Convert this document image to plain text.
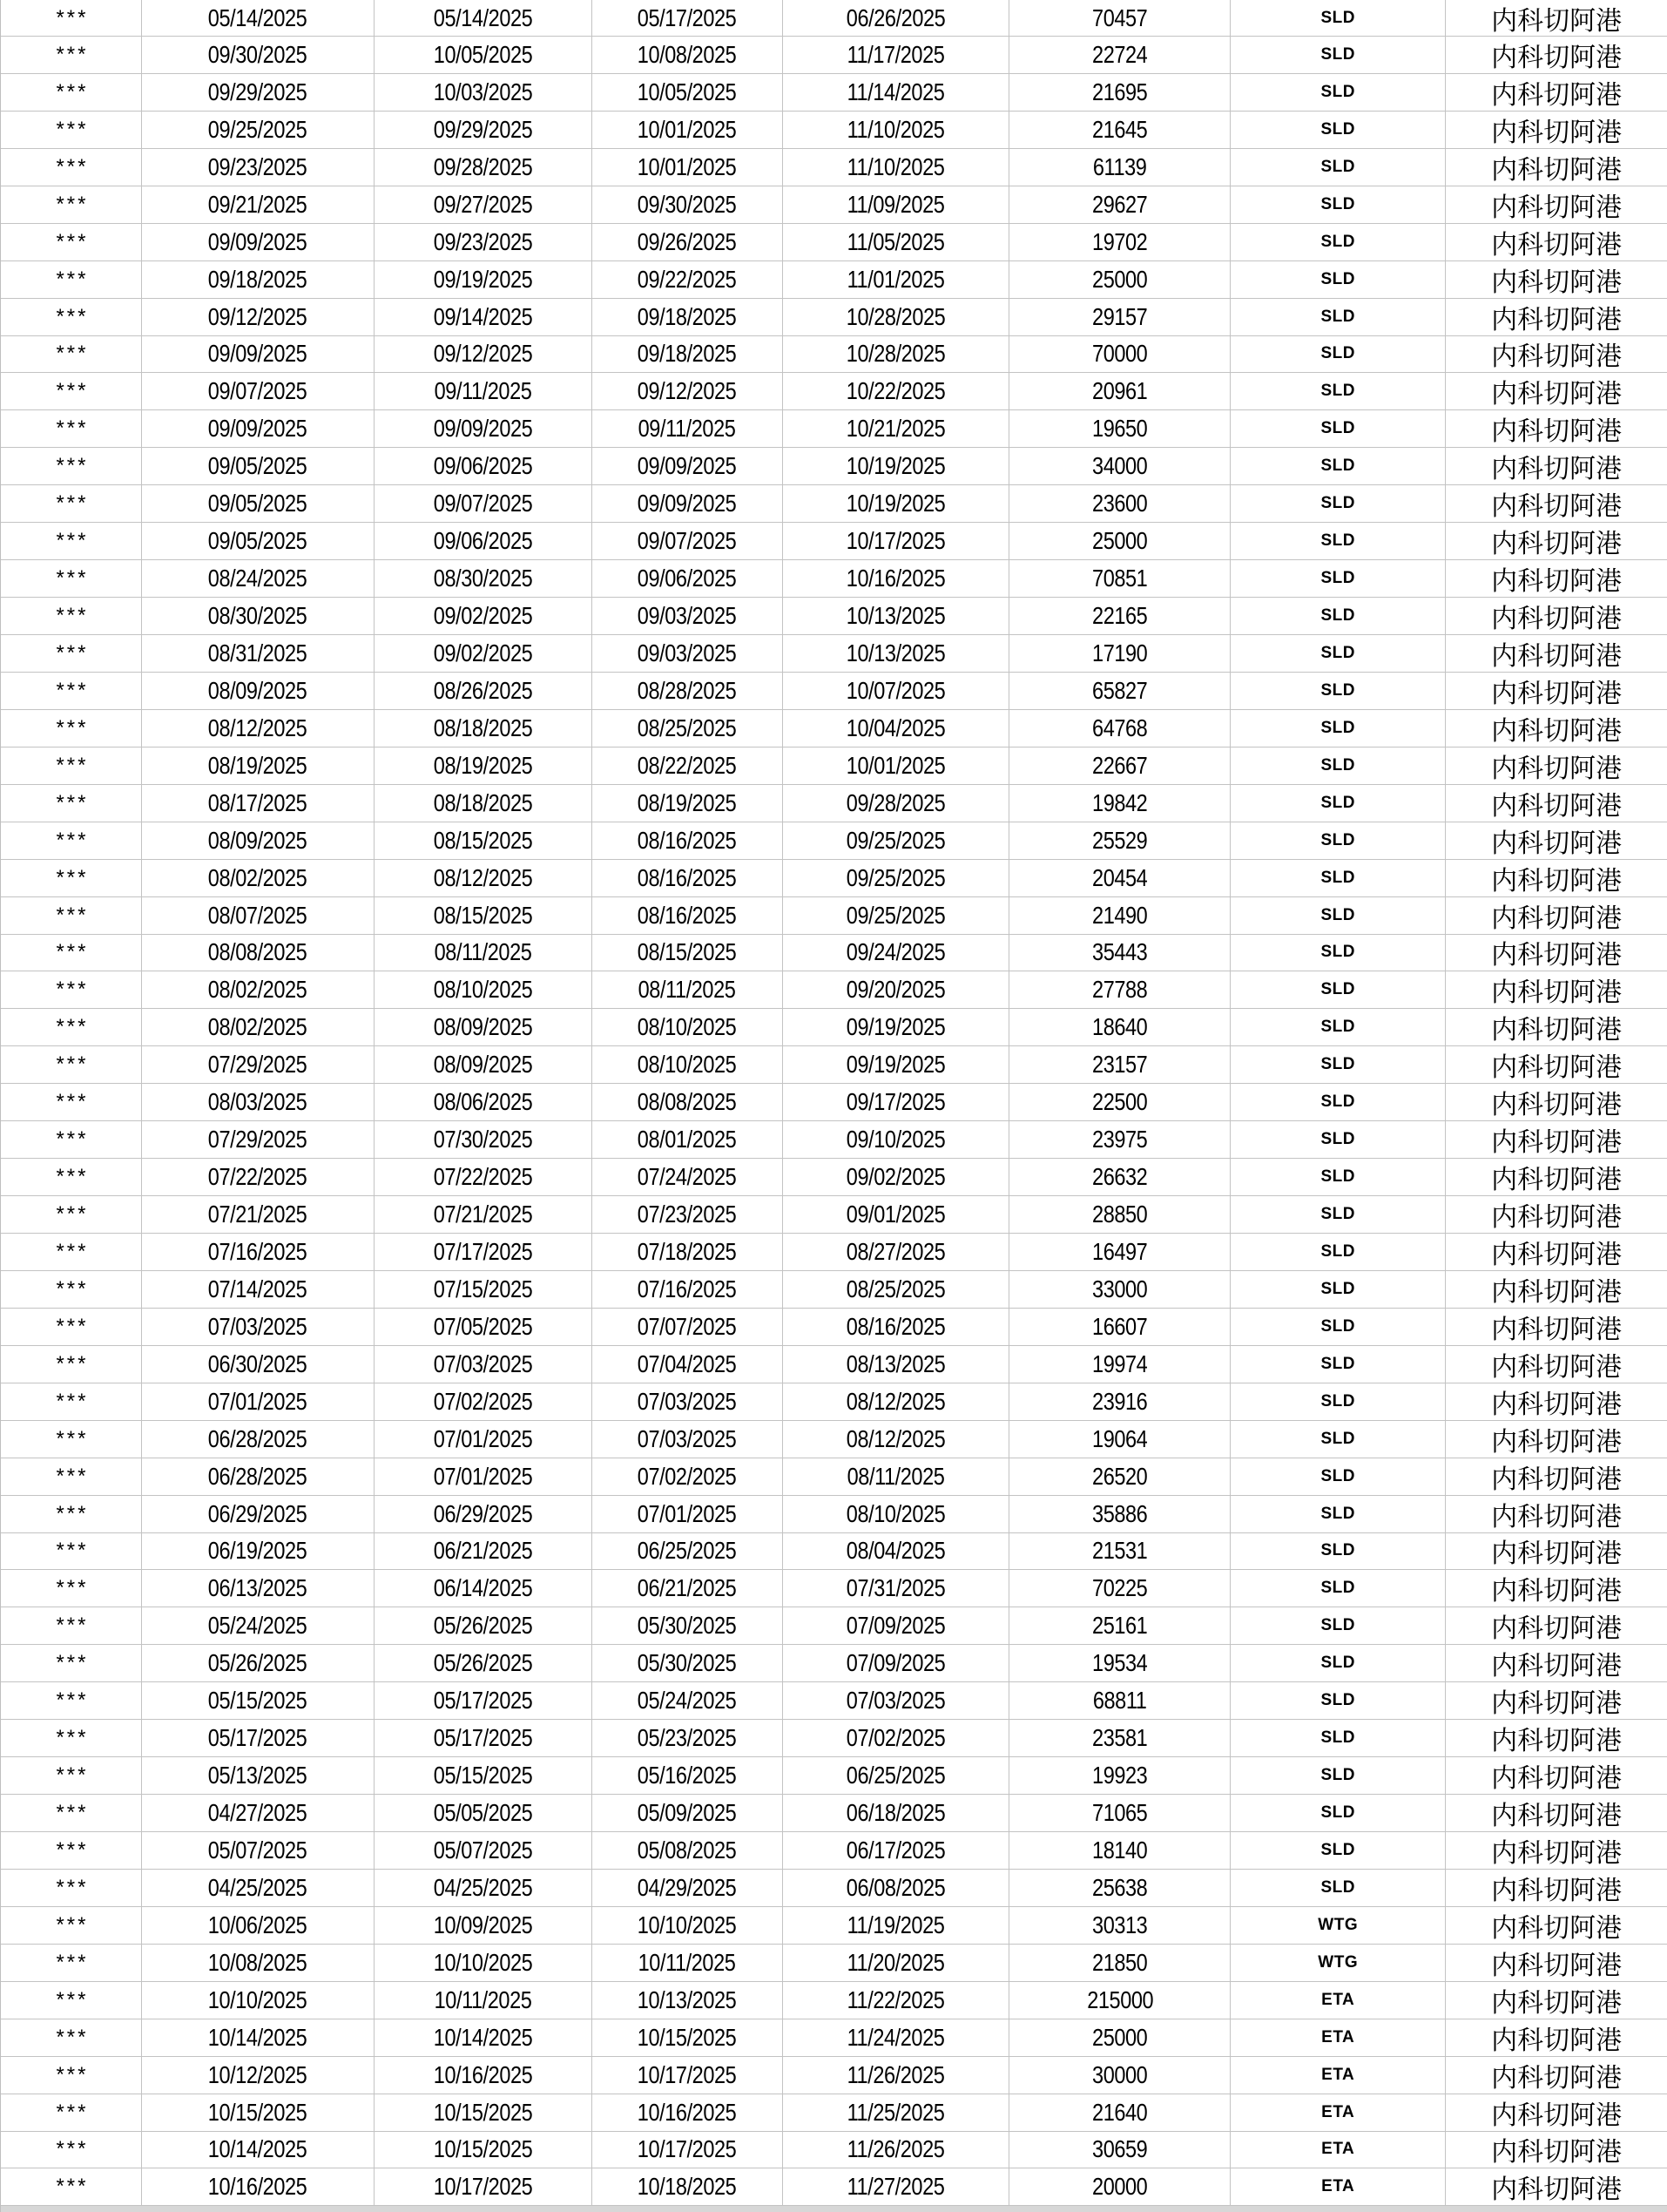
***	05/14/2025	05/14/2025	05/17/2025	06/26/2025	70457	SLD	内科切阿港
***	09/30/2025	10/05/2025	10/08/2025	11/17/2025	22724	SLD	内科切阿港
***	09/29/2025	10/03/2025	10/05/2025	11/14/2025	21695	SLD	内科切阿港
***	09/25/2025	09/29/2025	10/01/2025	11/10/2025	21645	SLD	内科切阿港
***	09/23/2025	09/28/2025	10/01/2025	11/10/2025	61139	SLD	内科切阿港
***	09/21/2025	09/27/2025	09/30/2025	11/09/2025	29627	SLD	内科切阿港
***	09/09/2025	09/23/2025	09/26/2025	11/05/2025	19702	SLD	内科切阿港
***	09/18/2025	09/19/2025	09/22/2025	11/01/2025	25000	SLD	内科切阿港
***	09/12/2025	09/14/2025	09/18/2025	10/28/2025	29157	SLD	内科切阿港
***	09/09/2025	09/12/2025	09/18/2025	10/28/2025	70000	SLD	内科切阿港
***	09/07/2025	09/11/2025	09/12/2025	10/22/2025	20961	SLD	内科切阿港
***	09/09/2025	09/09/2025	09/11/2025	10/21/2025	19650	SLD	内科切阿港
***	09/05/2025	09/06/2025	09/09/2025	10/19/2025	34000	SLD	内科切阿港
***	09/05/2025	09/07/2025	09/09/2025	10/19/2025	23600	SLD	内科切阿港
***	09/05/2025	09/06/2025	09/07/2025	10/17/2025	25000	SLD	内科切阿港
***	08/24/2025	08/30/2025	09/06/2025	10/16/2025	70851	SLD	内科切阿港
***	08/30/2025	09/02/2025	09/03/2025	10/13/2025	22165	SLD	内科切阿港
***	08/31/2025	09/02/2025	09/03/2025	10/13/2025	17190	SLD	内科切阿港
***	08/09/2025	08/26/2025	08/28/2025	10/07/2025	65827	SLD	内科切阿港
***	08/12/2025	08/18/2025	08/25/2025	10/04/2025	64768	SLD	内科切阿港
***	08/19/2025	08/19/2025	08/22/2025	10/01/2025	22667	SLD	内科切阿港
***	08/17/2025	08/18/2025	08/19/2025	09/28/2025	19842	SLD	内科切阿港
***	08/09/2025	08/15/2025	08/16/2025	09/25/2025	25529	SLD	内科切阿港
***	08/02/2025	08/12/2025	08/16/2025	09/25/2025	20454	SLD	内科切阿港
***	08/07/2025	08/15/2025	08/16/2025	09/25/2025	21490	SLD	内科切阿港
***	08/08/2025	08/11/2025	08/15/2025	09/24/2025	35443	SLD	内科切阿港
***	08/02/2025	08/10/2025	08/11/2025	09/20/2025	27788	SLD	内科切阿港
***	08/02/2025	08/09/2025	08/10/2025	09/19/2025	18640	SLD	内科切阿港
***	07/29/2025	08/09/2025	08/10/2025	09/19/2025	23157	SLD	内科切阿港
***	08/03/2025	08/06/2025	08/08/2025	09/17/2025	22500	SLD	内科切阿港
***	07/29/2025	07/30/2025	08/01/2025	09/10/2025	23975	SLD	内科切阿港
***	07/22/2025	07/22/2025	07/24/2025	09/02/2025	26632	SLD	内科切阿港
***	07/21/2025	07/21/2025	07/23/2025	09/01/2025	28850	SLD	内科切阿港
***	07/16/2025	07/17/2025	07/18/2025	08/27/2025	16497	SLD	内科切阿港
***	07/14/2025	07/15/2025	07/16/2025	08/25/2025	33000	SLD	内科切阿港
***	07/03/2025	07/05/2025	07/07/2025	08/16/2025	16607	SLD	内科切阿港
***	06/30/2025	07/03/2025	07/04/2025	08/13/2025	19974	SLD	内科切阿港
***	07/01/2025	07/02/2025	07/03/2025	08/12/2025	23916	SLD	内科切阿港
***	06/28/2025	07/01/2025	07/03/2025	08/12/2025	19064	SLD	内科切阿港
***	06/28/2025	07/01/2025	07/02/2025	08/11/2025	26520	SLD	内科切阿港
***	06/29/2025	06/29/2025	07/01/2025	08/10/2025	35886	SLD	内科切阿港
***	06/19/2025	06/21/2025	06/25/2025	08/04/2025	21531	SLD	内科切阿港
***	06/13/2025	06/14/2025	06/21/2025	07/31/2025	70225	SLD	内科切阿港
***	05/24/2025	05/26/2025	05/30/2025	07/09/2025	25161	SLD	内科切阿港
***	05/26/2025	05/26/2025	05/30/2025	07/09/2025	19534	SLD	内科切阿港
***	05/15/2025	05/17/2025	05/24/2025	07/03/2025	68811	SLD	内科切阿港
***	05/17/2025	05/17/2025	05/23/2025	07/02/2025	23581	SLD	内科切阿港
***	05/13/2025	05/15/2025	05/16/2025	06/25/2025	19923	SLD	内科切阿港
***	04/27/2025	05/05/2025	05/09/2025	06/18/2025	71065	SLD	内科切阿港
***	05/07/2025	05/07/2025	05/08/2025	06/17/2025	18140	SLD	内科切阿港
***	04/25/2025	04/25/2025	04/29/2025	06/08/2025	25638	SLD	内科切阿港
***	10/06/2025	10/09/2025	10/10/2025	11/19/2025	30313	WTG	内科切阿港
***	10/08/2025	10/10/2025	10/11/2025	11/20/2025	21850	WTG	内科切阿港
***	10/10/2025	10/11/2025	10/13/2025	11/22/2025	215000	ETA	内科切阿港
***	10/14/2025	10/14/2025	10/15/2025	11/24/2025	25000	ETA	内科切阿港
***	10/12/2025	10/16/2025	10/17/2025	11/26/2025	30000	ETA	内科切阿港
***	10/15/2025	10/15/2025	10/16/2025	11/25/2025	21640	ETA	内科切阿港
***	10/14/2025	10/15/2025	10/17/2025	11/26/2025	30659	ETA	内科切阿港
***	10/16/2025	10/17/2025	10/18/2025	11/27/2025	20000	ETA	内科切阿港
